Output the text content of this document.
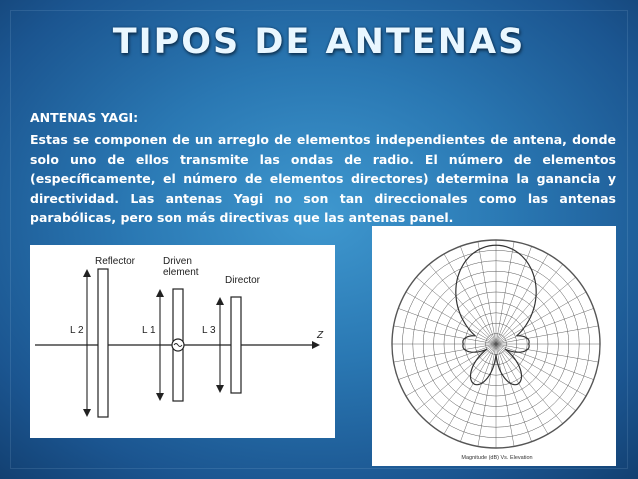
TIPOS DE ANTENAS
ANTENAS YAGI:

Estas se componen de un arreglo de elementos independientes de antena, donde solo uno de ellos transmite las ondas de radio. El número de elementos (específicamente, el número de elementos directores) determina la ganancia y directividad. Las antenas Yagi no son tan direccionales como las antenas parabólicas, pero son más directivas que las antenas panel.

Z
Reflector
L 2
Driven
element
L 1
Director
L 3
Magnitude (dB) Vs. Elevation
